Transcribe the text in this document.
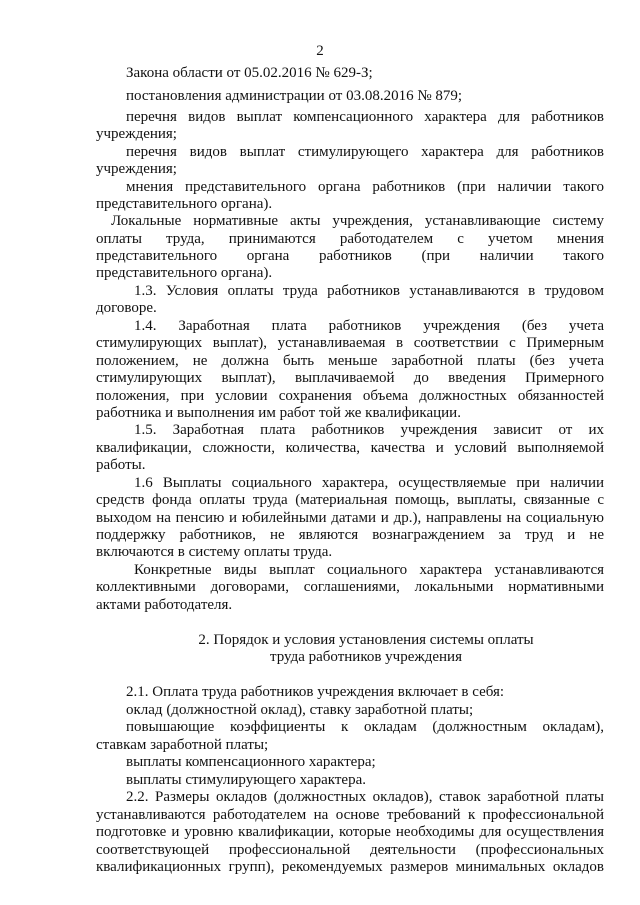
2
Закона области от 05.02.2016 № 629-З;
постановления администрации от 03.08.2016 № 879;
перечня видов выплат компенсационного характера для работников
учреждения;
перечня видов выплат стимулирующего характера для работников
учреждения;
мнения представительного органа работников (при наличии такого
представительного органа).
Локальные нормативные акты учреждения, устанавливающие систему
оплаты труда, принимаются работодателем с учетом мнения
представительного органа работников (при наличии такого
представительного органа).
1.3. Условия оплаты труда работников устанавливаются в трудовом
договоре.
1.4. Заработная плата работников учреждения (без учета
стимулирующих выплат), устанавливаемая в соответствии с Примерным
положением, не должна быть меньше заработной платы (без учета
стимулирующих выплат), выплачиваемой до введения Примерного
положения, при условии сохранения объема должностных обязанностей
работника и выполнения им работ той же квалификации.
1.5. Заработная плата работников учреждения зависит от их
квалификации, сложности, количества, качества и условий выполняемой
работы.
1.6 Выплаты социального характера, осуществляемые при наличии
средств фонда оплаты труда (материальная помощь, выплаты, связанные с
выходом на пенсию и юбилейными датами и др.), направлены на социальную
поддержку работников, не являются вознаграждением за труд и не
включаются в систему оплаты труда.
Конкретные виды выплат социального характера устанавливаются
коллективными договорами, соглашениями, локальными нормативными
актами работодателя.
2. Порядок и условия установления системы оплаты
труда работников учреждения
2.1. Оплата труда работников учреждения включает в себя:
оклад (должностной оклад), ставку заработной платы;
повышающие коэффициенты к окладам (должностным окладам),
ставкам заработной платы;
выплаты компенсационного характера;
выплаты стимулирующего характера.
2.2. Размеры окладов (должностных окладов), ставок заработной платы
устанавливаются работодателем на основе требований к профессиональной
подготовке и уровню квалификации, которые необходимы для осуществления
соответствующей профессиональной деятельности (профессиональных
квалификационных групп), рекомендуемых размеров минимальных окладов
